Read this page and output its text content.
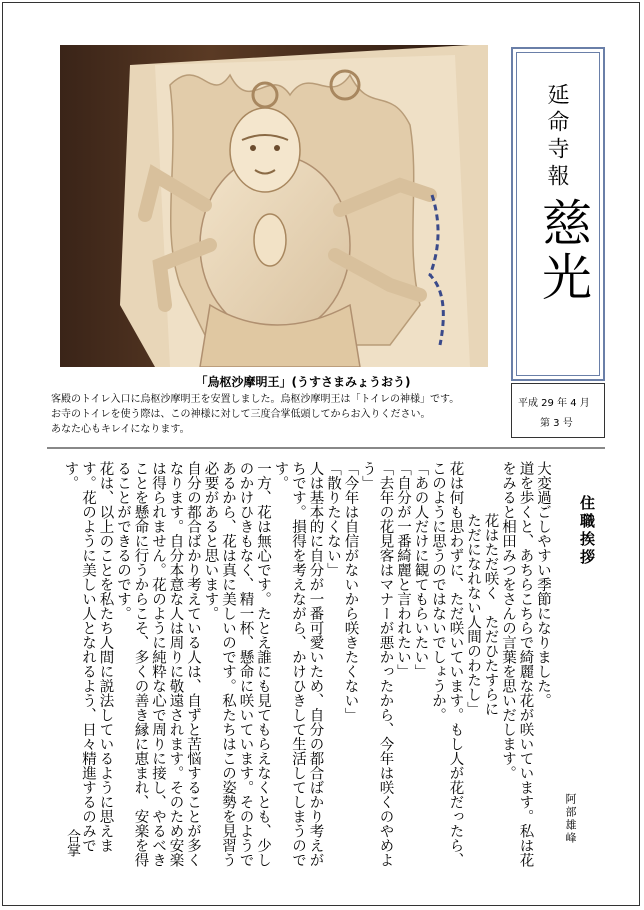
「烏枢沙摩明王」(うすさまみょうおう)
客殿のトイレ入口に烏枢沙摩明王を安置しました。烏枢沙摩明王は「トイレの神様」です。
お寺のトイレを使う際は、この神様に対して三度合掌低頭してからお入りください。
あなた心もキレイになります。
延命寺報
慈光
平成 29 年 4 月
第 3 号
住職挨拶
阿部雄峰

大変過ごしやすい季節になりました。

道を歩くと、あちらこちらで綺麗な花が咲いています。私は花をみると相田みつをさんの言葉を思いだします。

花はただ咲く　ただひたすらに

ただになれない人間のわたし」

花は何も思わずに、ただ咲いています。もし人が花だったら、このように思うのではないでしょうか。

「あの人だけに観てもらいたい」

「自分が一番綺麗と言われたい」

「去年の花見客はマナーが悪かったから、今年は咲くのやめよう」

「今年は自信がないから咲きたくない」

「散りたくない」

人は基本的に自分が一番可愛いため、自分の都合ばかり考えがちです。損得を考えながら、かけひきして生活してしまうのです。

一方、花は無心です。たとえ誰にも見てもらえなくとも、少しのかけひきもなく、精一杯、懸命に咲いています。そのようであるから、花は真に美しいのです。私たちはこの姿勢を見習う必要があると思います。

自分の都合ばかり考えている人は、自ずと苦悩することが多くなります。自分本意な人は周りに敬遠されます。そのため安楽は得られません。花のように純粋な心で周りに接し、やるべきことを懸命に行うからこそ、多くの善き縁に恵まれ、安楽を得ることができるのです。

花は、以上のことを私たち人間に説法しているように思えます。花のように美しい人となれるよう、日々精進するのみです。

合掌
